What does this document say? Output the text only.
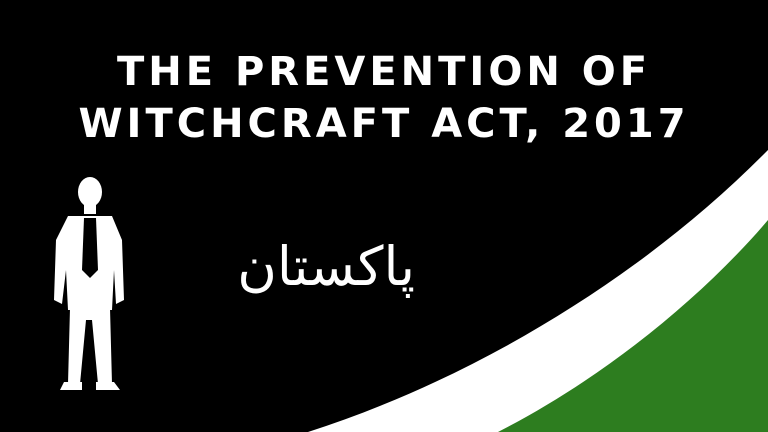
THE PREVENTION OF
WITCHCRAFT ACT, 2017
پاکستان
